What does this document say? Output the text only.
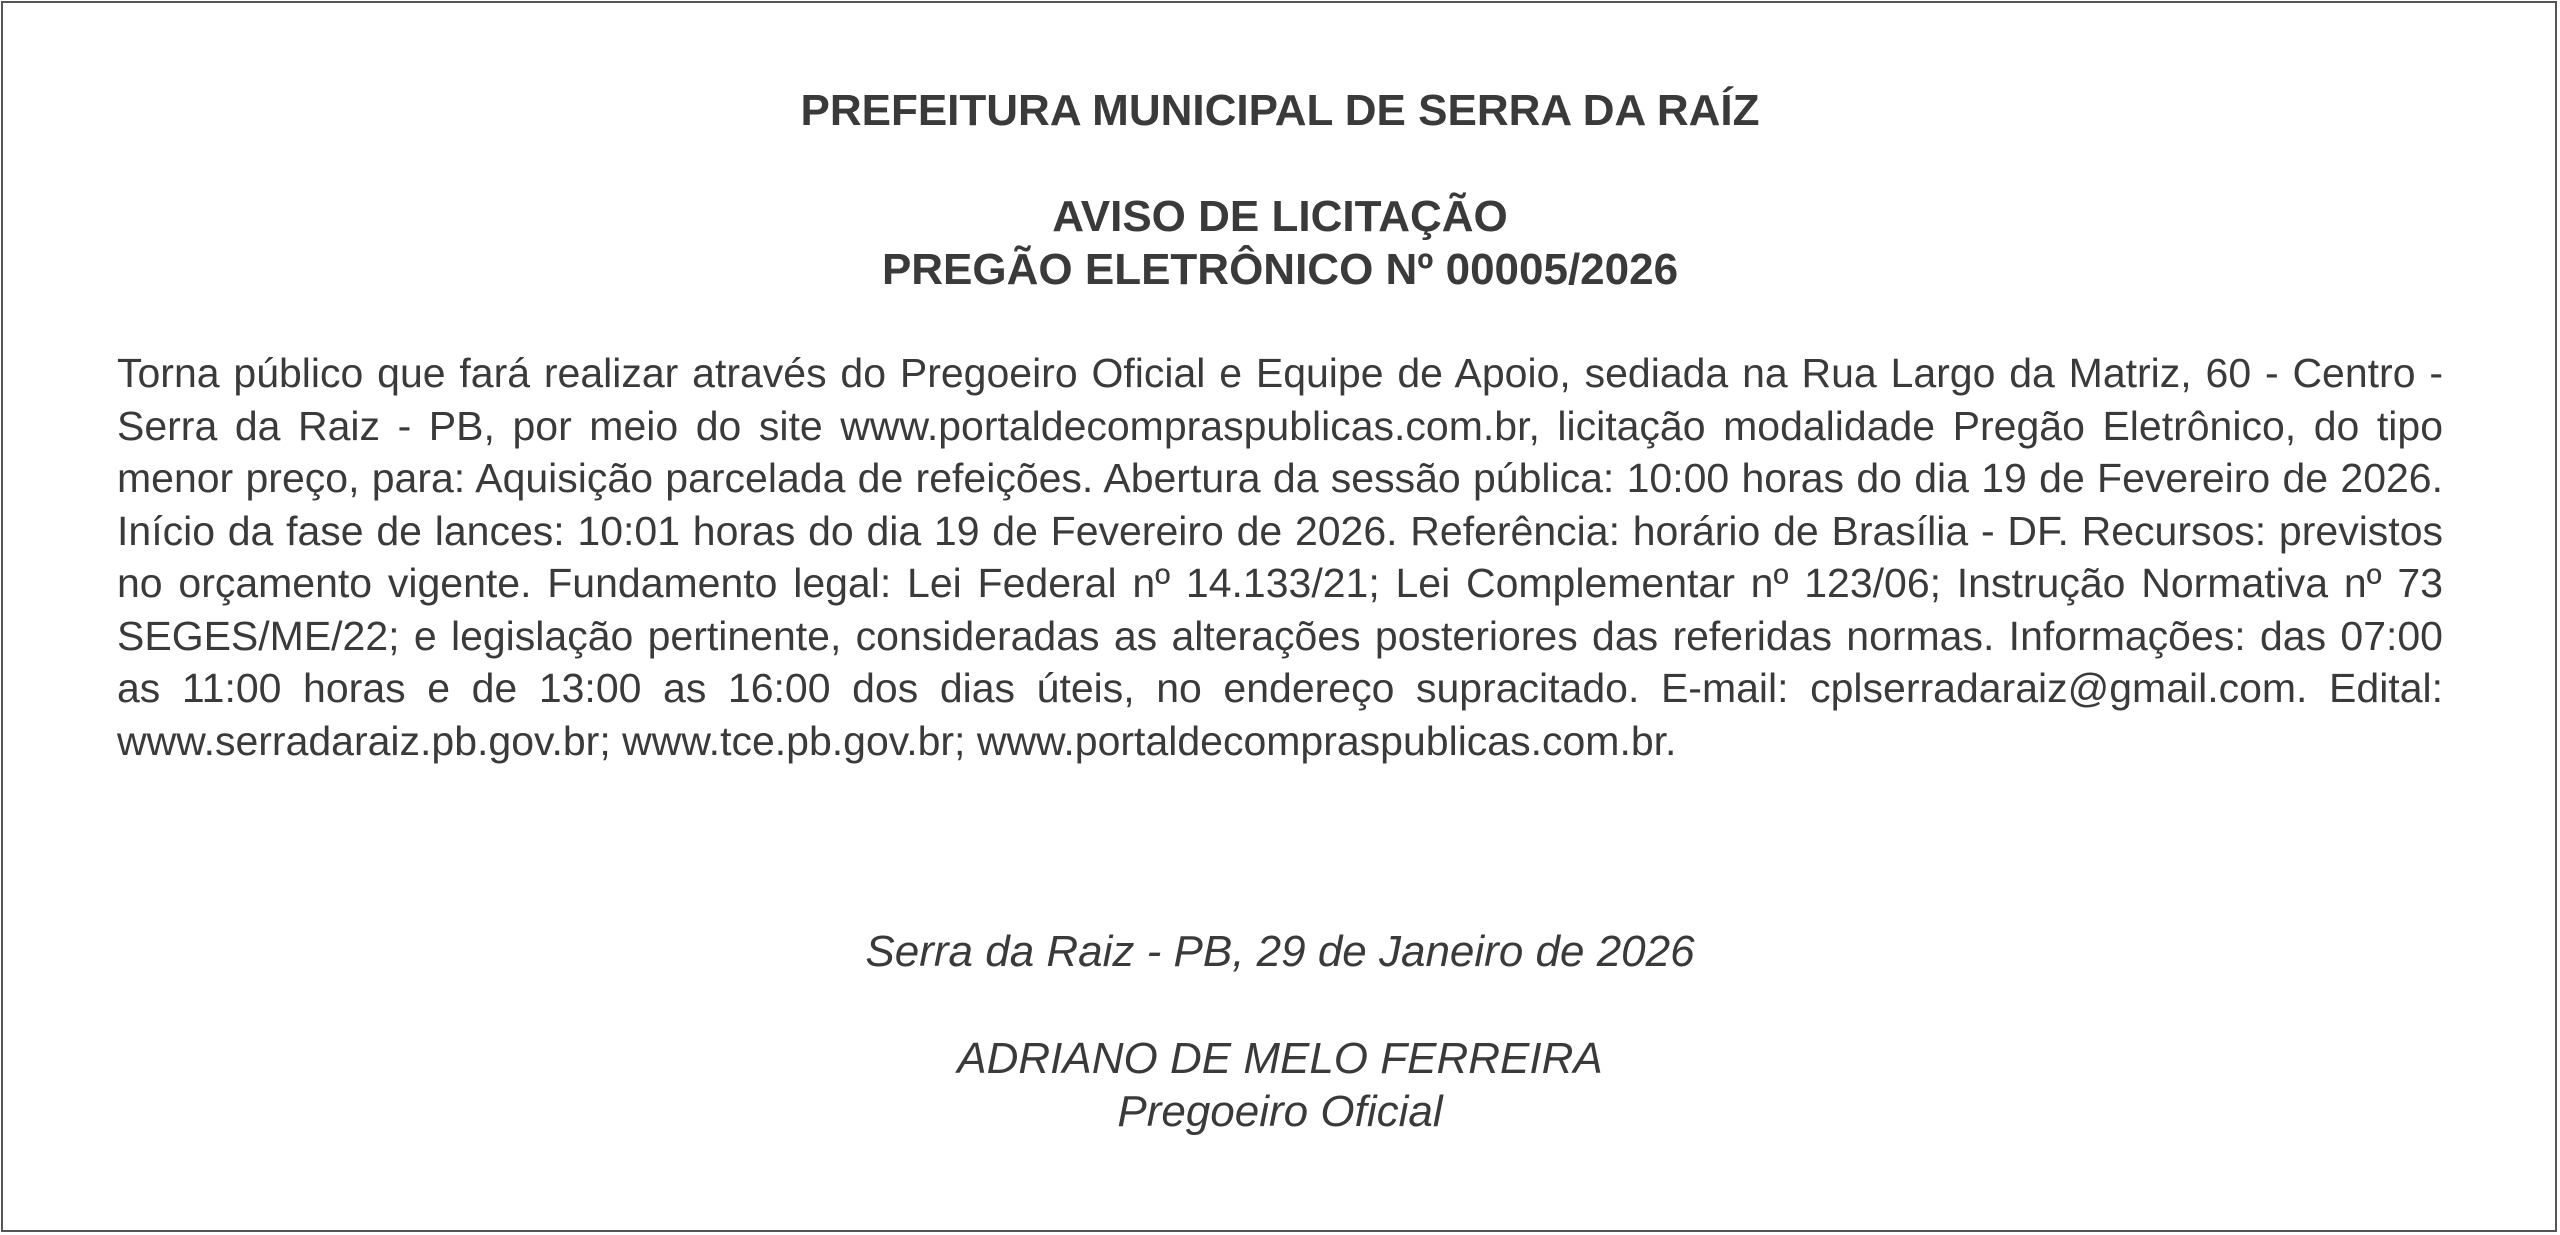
PREFEITURA MUNICIPAL DE SERRA DA RAÍZ
AVISO DE LICITAÇÃO
PREGÃO ELETRÔNICO Nº 00005/2026

Torna público que fará realizar através do Pregoeiro Oficial e Equipe de Apoio, sediada na Rua Largo da Matriz, 60 - Centro - Serra da Raiz - PB, por meio do site www.portaldecompraspublicas.com.br, licitação modalidade Pregão Eletrônico, do tipo menor preço, para: Aquisição parcelada de refeições. Abertura da sessão pública: 10:00 horas do dia 19 de Fevereiro de 2026. Início da fase de lances: 10:01 horas do dia 19 de Fevereiro de 2026. Referência: horário de Brasília - DF. Recursos: previstos no orçamento vigente. Fundamento legal: Lei Federal nº 14.133/21; Lei Complementar nº 123/06; Instrução Normativa nº 73 SEGES/ME/22; e legislação pertinente, consideradas as alterações posteriores das referidas normas. Informações: das 07:00 as 11:00 horas e de 13:00 as 16:00 dos dias úteis, no endereço supracitado. E-mail: cplserradaraiz@gmail.com. Edital: www.serradaraiz.pb.gov.br; www.tce.pb.gov.br; www.portaldecompraspublicas.com.br.

Serra da Raiz - PB, 29 de Janeiro de 2026

ADRIANO DE MELO FERREIRA

Pregoeiro Oficial
